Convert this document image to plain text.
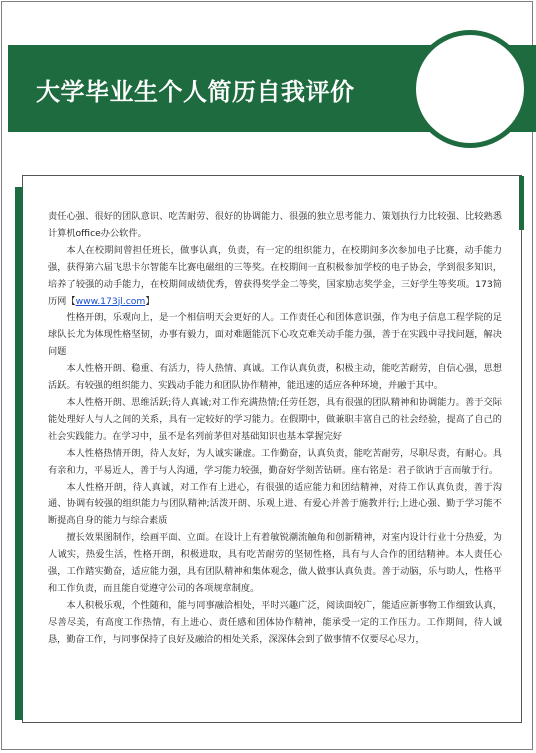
大学毕业生个人简历自我评价

责任心强、很好的团队意识、吃苦耐劳、很好的协调能力、很强的独立思考能力、策划执行力比较强、比较熟悉计算机office办公软件。

本人在校期间曾担任班长，做事认真，负责，有一定的组织能力，在校期间多次参加电子比赛，动手能力强，获得第六届飞思卡尔智能车比赛电磁组的三等奖。在校期间一直积极参加学校的电子协会，学到很多知识，培养了较强的动手能力，在校期间成绩优秀，曾获得奖学金二等奖，国家励志奖学金，三好学生等奖项。173简历网【www.173jl.com】

性格开朗，乐观向上，是一个相信明天会更好的人。工作责任心和团体意识强，作为电子信息工程学院的足球队长尤为体现性格坚韧，办事有毅力，面对难题能沉下心攻克难关动手能力强，善于在实践中寻找问题，解决问题

本人性格开朗、稳重、有活力，待人热情、真诚。工作认真负责，积极主动，能吃苦耐劳，自信心强，思想活跃。有较强的组织能力、实践动手能力和团队协作精神，能迅速的适应各种环境，并融于其中。

本人性格开朗、思维活跃;待人真诚;对工作充满热情;任劳任怨，具有很强的团队精神和协调能力。善于交际能处理好人与人之间的关系，具有一定较好的学习能力。在假期中，做兼职丰富自己的社会经验，提高了自己的社会实践能力。在学习中，虽不是名列前茅但对基础知识也基本掌握完好

本人性格热情开朗，待人友好，为人诚实谦虚。工作勤奋，认真负责，能吃苦耐劳，尽职尽责，有耐心。具有亲和力，平易近人，善于与人沟通，学习能力较强，勤奋好学刻苦钻研。座右铭是：君子欲讷于言而敏于行。

本人性格开朗，待人真诚，对工作有上进心，有很强的适应能力和团结精神，对待工作认真负责，善于沟通、协调有较强的组织能力与团队精神;活泼开朗、乐观上进、有爱心并善于施教并行;上进心强、勤于学习能不断提高自身的能力与综合素质

擅长效果图制作，绘画平面、立面。在设计上有着敏锐潮流触角和创新精神，对室内设计行业十分热爱，为人诚实，热爱生活，性格开朗，积极进取，具有吃苦耐劳的坚韧性格，具有与人合作的团结精神。本人责任心强，工作踏实勤奋，适应能力强，具有团队精神和集体观念，做人做事认真负责。善于动脑，乐与助人，性格平和工作负责，而且能自觉遵守公司的各项规章制度。

本人积极乐观，个性随和，能与同事融洽相处，平时兴趣广泛，阅读面较广，能适应新事物工作细致认真，尽善尽美，有高度工作热情，有上进心、责任感和团体协作精神，能承受一定的工作压力。工作期间，待人诚恳，勤奋工作，与同事保持了良好及融洽的相处关系，深深体会到了做事情不仅要尽心尽力，
